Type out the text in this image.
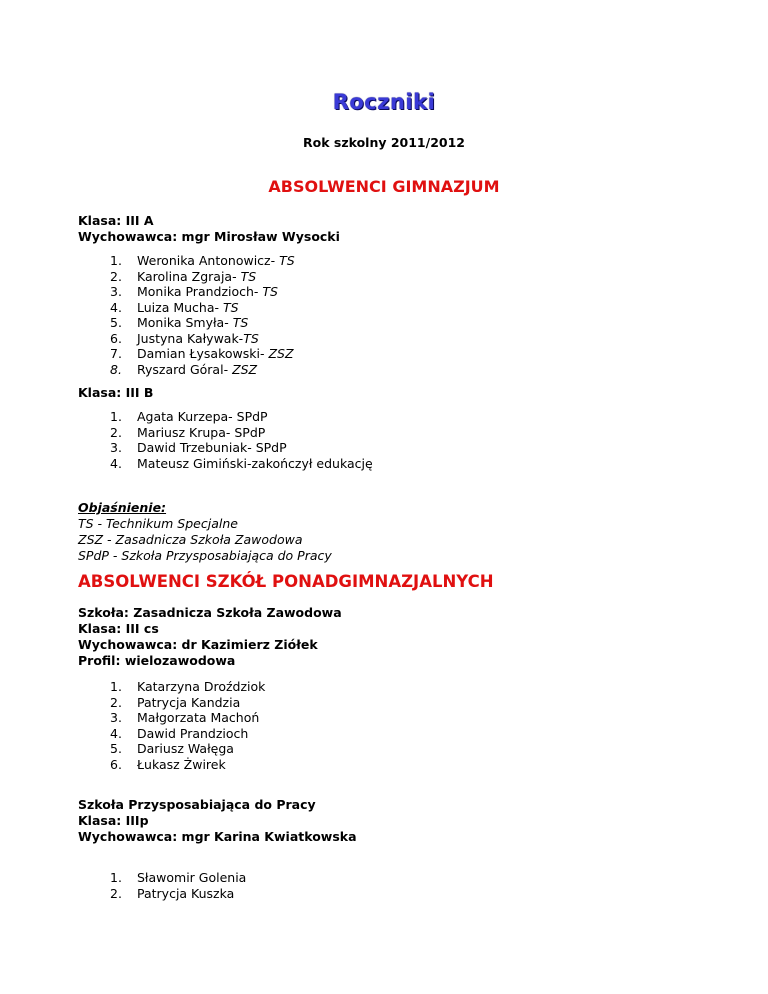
Roczniki
Rok szkolny 2011/2012
ABSOLWENCI GIMNAZJUM
Klasa: III A
Wychowawca: mgr Mirosław Wysocki
1. Weronika Antonowicz- TS
2. Karolina Zgraja- TS
3. Monika Prandzioch- TS
4. Luiza Mucha- TS
5. Monika Smyła- TS
6. Justyna Kaływak-TS
7. Damian Łysakowski- ZSZ
8. Ryszard Góral- ZSZ
Klasa: III B
1. Agata Kurzepa- SPdP
2. Mariusz Krupa- SPdP
3. Dawid Trzebuniak- SPdP
4. Mateusz Gimiński-zakończył edukację
Objaśnienie:
TS - Technikum Specjalne
ZSZ - Zasadnicza Szkoła Zawodowa
SPdP - Szkoła Przysposabiająca do Pracy
ABSOLWENCI SZKÓŁ PONADGIMNAZJALNYCH
Szkoła: Zasadnicza Szkoła Zawodowa
Klasa: III cs
Wychowawca: dr Kazimierz Ziółek
Profil: wielozawodowa
1. Katarzyna Droździok
2. Patrycja Kandzia
3. Małgorzata Machoń
4. Dawid Prandzioch
5. Dariusz Wałęga
6. Łukasz Żwirek
Szkoła Przysposabiająca do Pracy
Klasa: IIIp
Wychowawca: mgr Karina Kwiatkowska
1. Sławomir Golenia
2. Patrycja Kuszka
